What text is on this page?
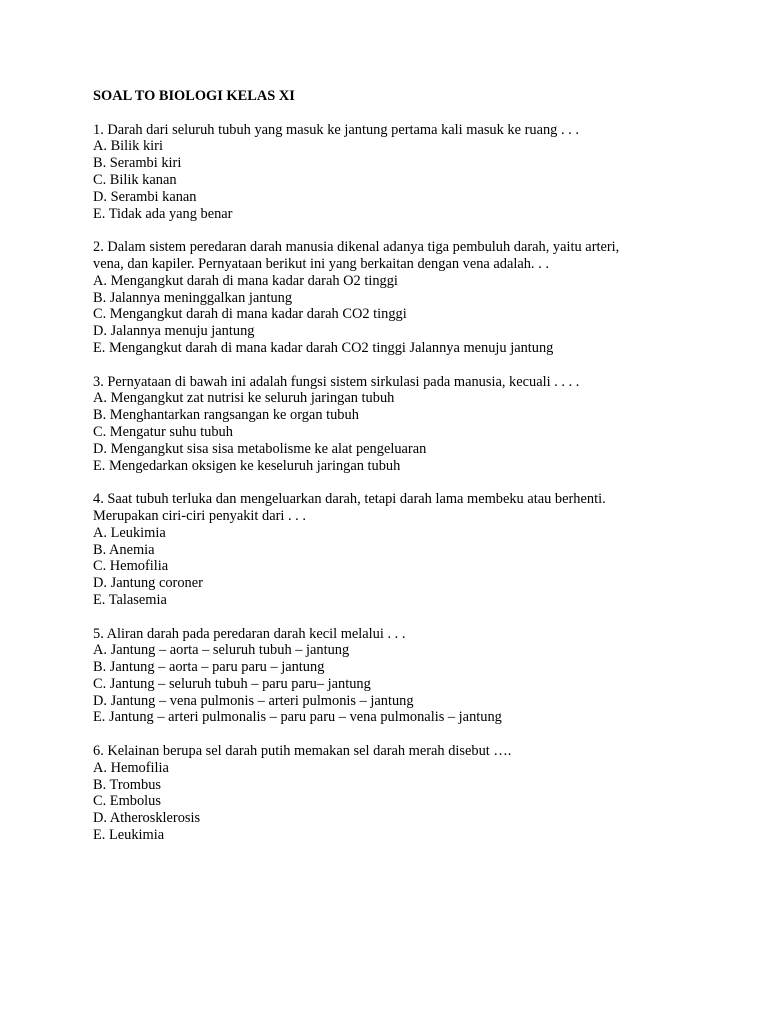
SOAL TO BIOLOGI KELAS XI
1. Darah dari seluruh tubuh yang masuk ke jantung pertama kali masuk ke ruang . . .
A. Bilik kiri
B. Serambi kiri
C. Bilik kanan
D. Serambi kanan
E. Tidak ada yang benar
2. Dalam sistem peredaran darah manusia dikenal adanya tiga pembuluh darah, yaitu arteri,
vena, dan kapiler. Pernyataan berikut ini yang berkaitan dengan vena adalah. . .
A. Mengangkut darah di mana kadar darah O2 tinggi
B. Jalannya meninggalkan jantung
C. Mengangkut darah di mana kadar darah CO2 tinggi
D. Jalannya menuju jantung
E. Mengangkut darah di mana kadar darah CO2 tinggi Jalannya menuju jantung
3. Pernyataan di bawah ini adalah fungsi sistem sirkulasi pada manusia, kecuali . . . .
A. Mengangkut zat nutrisi ke seluruh jaringan tubuh
B. Menghantarkan rangsangan ke organ tubuh
C. Mengatur suhu tubuh
D. Mengangkut sisa sisa metabolisme ke alat pengeluaran
E. Mengedarkan oksigen ke keseluruh jaringan tubuh
4. Saat tubuh terluka dan mengeluarkan darah, tetapi darah lama membeku atau berhenti.
Merupakan ciri-ciri penyakit dari . . .
A. Leukimia
B. Anemia
C. Hemofilia
D. Jantung coroner
E. Talasemia
5. Aliran darah pada peredaran darah kecil melalui . . .
A. Jantung – aorta – seluruh tubuh – jantung
B. Jantung – aorta – paru paru – jantung
C. Jantung – seluruh tubuh – paru paru– jantung
D. Jantung – vena pulmonis – arteri pulmonis – jantung
E. Jantung – arteri pulmonalis – paru paru – vena pulmonalis – jantung
6. Kelainan berupa sel darah putih memakan sel darah merah disebut ….
A. Hemofilia
B. Trombus
C. Embolus
D. Atherosklerosis
E. Leukimia
